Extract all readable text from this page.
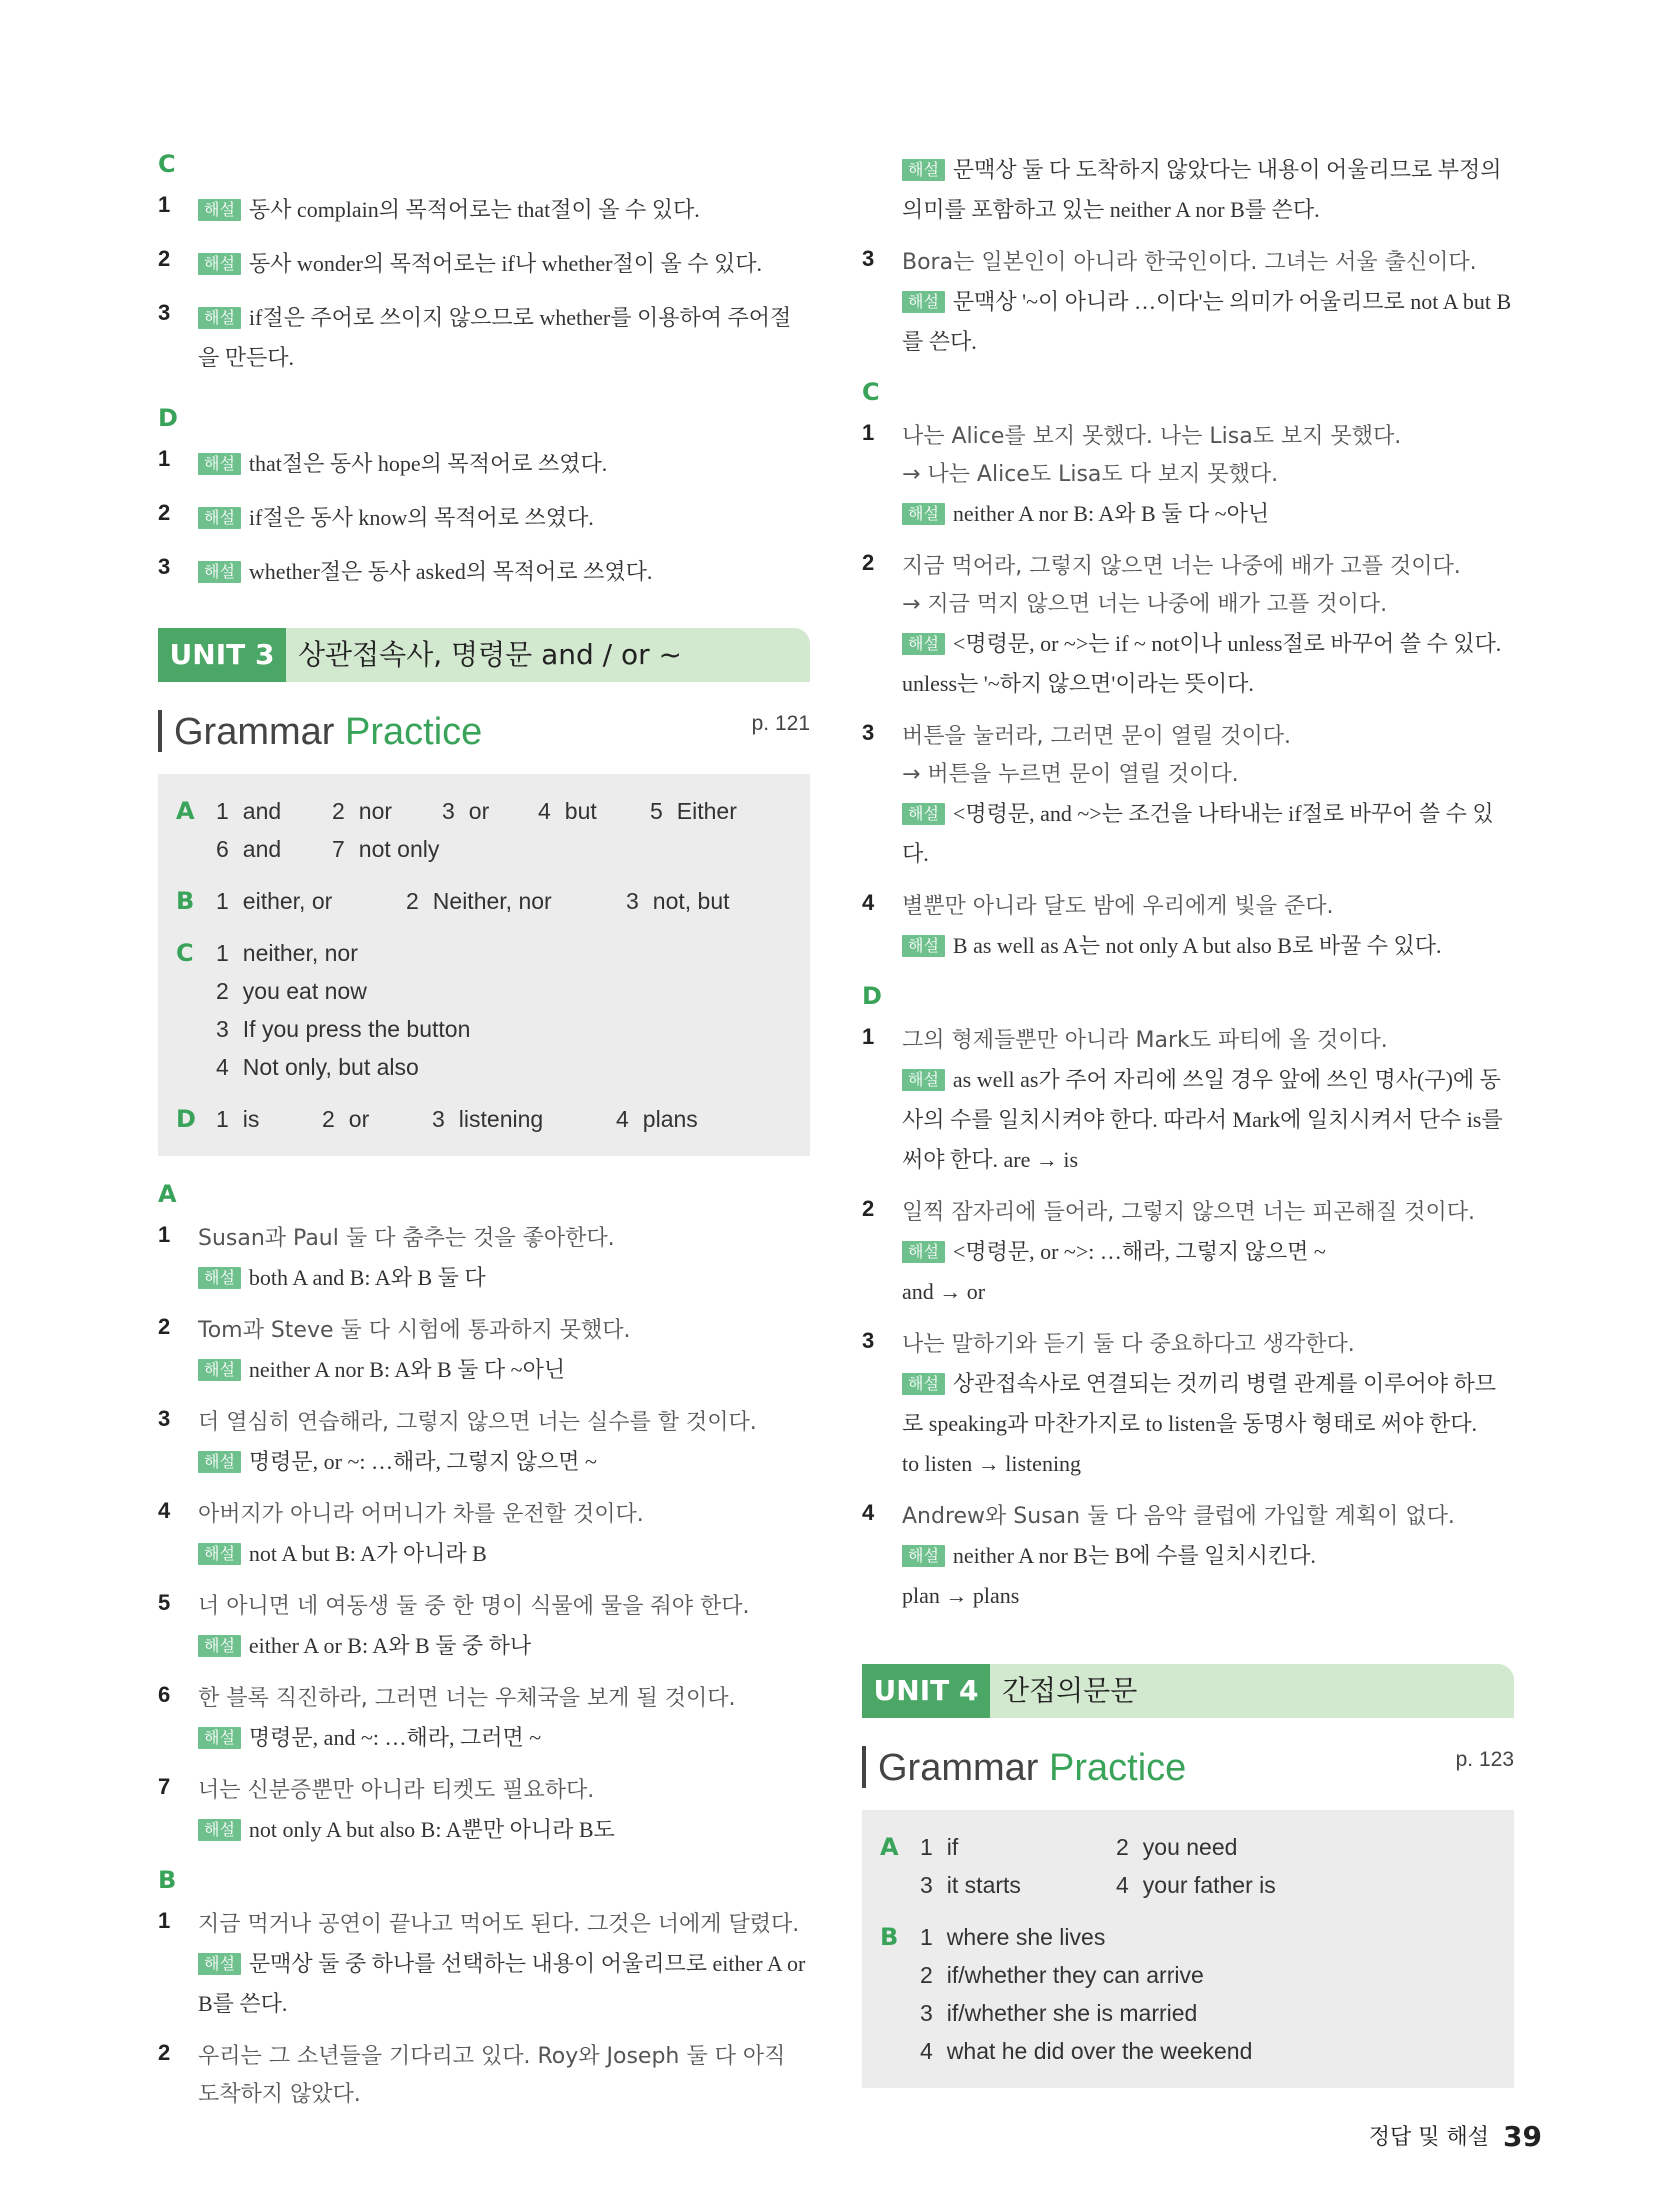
C
1	해설 동사 complain의 목적어로는 that절이 올 수 있다.
2	해설 동사 wonder의 목적어로는 if나 whether절이 올 수 있다.
3	해설 if절은 주어로 쓰이지 않으므로 whether를 이용하여 주어절을 만든다.
D
1	해설 that절은 동사 hope의 목적어로 쓰였다.
2	해설 if절은 동사 know의 목적어로 쓰였다.
3	해설 whether절은 동사 asked의 목적어로 쓰였다.
UNIT 3 상관접속사, 명령문 and / or ~
Grammar Practice	p. 121
A 1 and	2 nor	3 or	4 but	5 Either
6 and	7 not only
B 1 either, or	2 Neither, nor	3 not, but
C 1 neither, nor
2 you eat now
3 If you press the button
4 Not only, but also
D 1 is	2 or	3 listening	4 plans
A
1 Susan과 Paul 둘 다 춤추는 것을 좋아한다.
해설 both A and B: A와 B 둘 다
2 Tom과 Steve 둘 다 시험에 통과하지 못했다.
해설 neither A nor B: A와 B 둘 다 ~아닌
3 더 열심히 연습해라, 그렇지 않으면 너는 실수를 할 것이다.
해설 명령문, or ~: …해라, 그렇지 않으면 ~
4 아버지가 아니라 어머니가 차를 운전할 것이다.
해설 not A but B: A가 아니라 B
5 너 아니면 네 여동생 둘 중 한 명이 식물에 물을 줘야 한다.
해설 either A or B: A와 B 둘 중 하나
6 한 블록 직진하라, 그러면 너는 우체국을 보게 될 것이다.
해설 명령문, and ~: …해라, 그러면 ~
7 너는 신분증뿐만 아니라 티켓도 필요하다.
해설 not only A but also B: A뿐만 아니라 B도
B
1 지금 먹거나 공연이 끝나고 먹어도 된다. 그것은 너에게 달렸다.
해설 문맥상 둘 중 하나를 선택하는 내용이 어울리므로 either A or B를 쓴다.
2 우리는 그 소년들을 기다리고 있다. Roy와 Joseph 둘 다 아직 도착하지 않았다.
해설 문맥상 둘 다 도착하지 않았다는 내용이 어울리므로 부정의 의미를 포함하고 있는 neither A nor B를 쓴다.
3 Bora는 일본인이 아니라 한국인이다. 그녀는 서울 출신이다.
해설 문맥상 '~이 아니라 …이다'는 의미가 어울리므로 not A but B를 쓴다.
C
1 나는 Alice를 보지 못했다. 나는 Lisa도 보지 못했다.
→ 나는 Alice도 Lisa도 다 보지 못했다.
해설 neither A nor B: A와 B 둘 다 ~아닌
2 지금 먹어라, 그렇지 않으면 너는 나중에 배가 고플 것이다.
→ 지금 먹지 않으면 너는 나중에 배가 고플 것이다.
해설 <명령문, or ~>는 if ~ not이나 unless절로 바꾸어 쓸 수 있다. unless는 '~하지 않으면'이라는 뜻이다.
3 버튼을 눌러라, 그러면 문이 열릴 것이다.
→ 버튼을 누르면 문이 열릴 것이다.
해설 <명령문, and ~>는 조건을 나타내는 if절로 바꾸어 쓸 수 있다.
4 별뿐만 아니라 달도 밤에 우리에게 빛을 준다.
해설 B as well as A는 not only A but also B로 바꿀 수 있다.
D
1 그의 형제들뿐만 아니라 Mark도 파티에 올 것이다.
해설 as well as가 주어 자리에 쓰일 경우 앞에 쓰인 명사(구)에 동사의 수를 일치시켜야 한다. 따라서 Mark에 일치시켜서 단수 is를 써야 한다. are → is
2 일찍 잠자리에 들어라, 그렇지 않으면 너는 피곤해질 것이다.
해설 <명령문, or ~>: …해라, 그렇지 않으면 ~
and → or
3 나는 말하기와 듣기 둘 다 중요하다고 생각한다.
해설 상관접속사로 연결되는 것끼리 병렬 관계를 이루어야 하므로 speaking과 마찬가지로 to listen을 동명사 형태로 써야 한다.
to listen → listening
4 Andrew와 Susan 둘 다 음악 클럽에 가입할 계획이 없다.
해설 neither A nor B는 B에 수를 일치시킨다.
plan → plans
UNIT 4 간접의문문
Grammar Practice	p. 123
A 1 if	2 you need
3 it starts	4 your father is
B 1 where she lives
2 if/whether they can arrive
3 if/whether she is married
4 what he did over the weekend
정답 및 해설 39
